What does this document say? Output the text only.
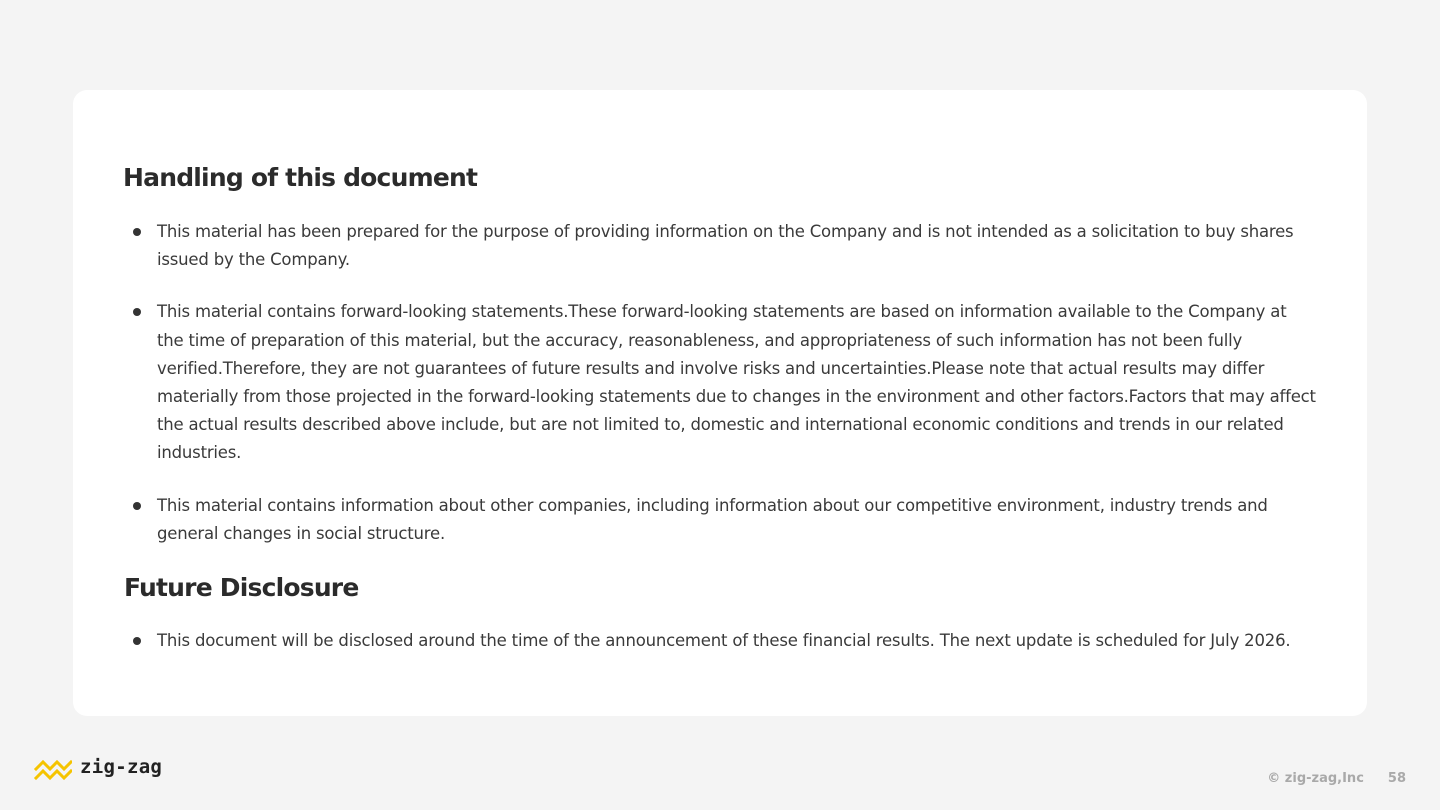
Handling of this document
This material has been prepared for the purpose of providing information on the Company and is not intended as a solicitation to buy shares issued by the Company.
This material contains forward-looking statements.These forward-looking statements are based on information available to the Company at the time of preparation of this material, but the accuracy, reasonableness, and appropriateness of such information has not been fully verified.Therefore, they are not guarantees of future results and involve risks and uncertainties.Please note that actual results may differ materially from those projected in the forward-looking statements due to changes in the environment and other factors.Factors that may affect the actual results described above include, but are not limited to, domestic and international economic conditions and trends in our related industries.
This material contains information about other companies, including information about our competitive environment, industry trends and general changes in social structure.
Future Disclosure
This document will be disclosed around the time of the announcement of these financial results. The next update is scheduled for July 2026.
zig-zag
© zig-zag,Inc 58
